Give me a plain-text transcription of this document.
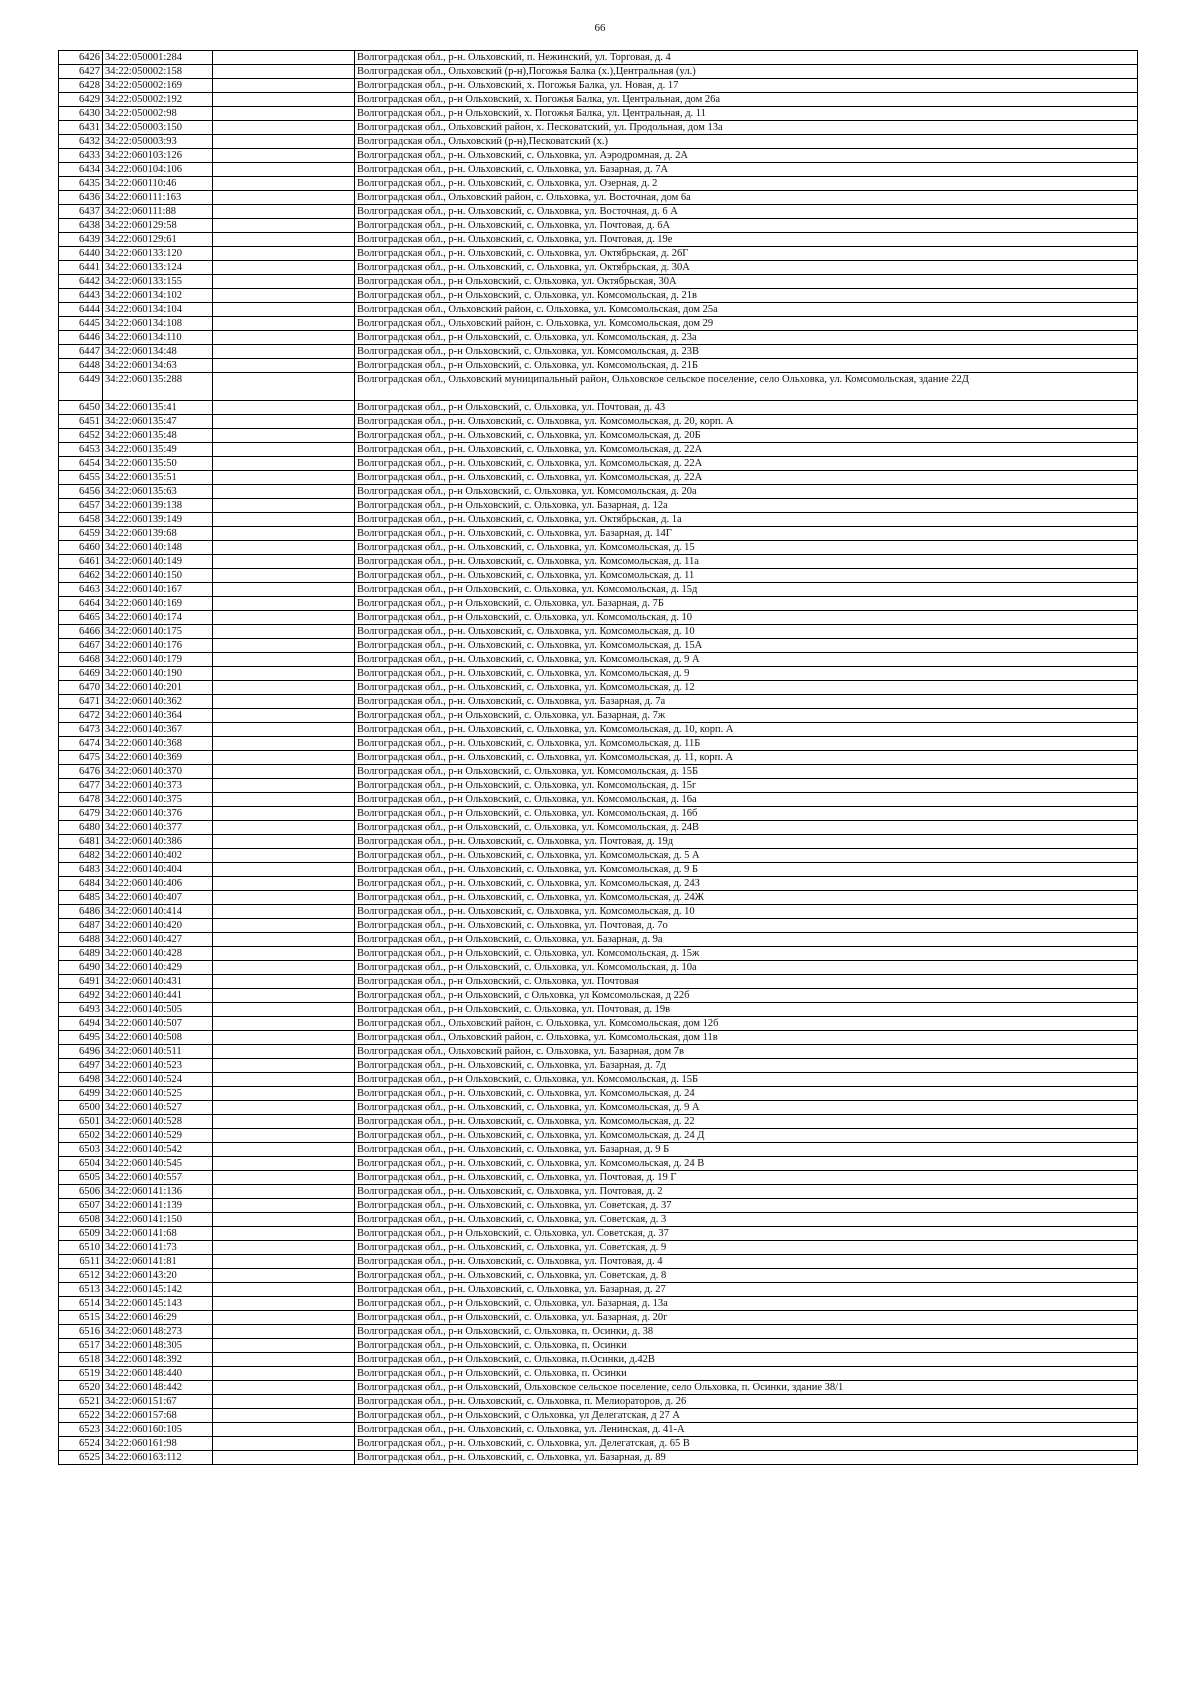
66
6426	34:22:050001:284		Волгоградская обл., р-н. Ольховский, п. Нежинский, ул. Торговая, д. 4
6427	34:22:050002:158		Волгоградская обл., Ольховский (р-н),Погожья Балка (х.),Центральная (ул.)
6428	34:22:050002:169		Волгоградская обл., р-н. Ольховский, х. Погожья Балка, ул. Новая, д. 17
6429	34:22:050002:192		Волгоградская обл., р-н Ольховский, х. Погожья Балка, ул. Центральная, дом 26а
6430	34:22:050002:98		Волгоградская обл., р-н Ольховский, х. Погожья Балка, ул. Центральная, д. 11
6431	34:22:050003:150		Волгоградская обл., Ольховский район, х. Песковатский, ул. Продольная, дом 13а
6432	34:22:050003:93		Волгоградская обл., Ольховский (р-н),Песковатский (х.)
6433	34:22:060103:126		Волгоградская обл., р-н. Ольховский, с. Ольховка, ул. Аэродромная, д. 2А
6434	34:22:060104:106		Волгоградская обл., р-н. Ольховский, с. Ольховка, ул. Базарная, д. 7А
6435	34:22:060110:46		Волгоградская обл., р-н. Ольховский, с. Ольховка, ул. Озерная, д. 2
6436	34:22:060111:163		Волгоградская обл., Ольховский район, с. Ольховка, ул. Восточная, дом 6а
6437	34:22:060111:88		Волгоградская обл., р-н. Ольховский, с. Ольховка, ул. Восточная, д. 6 А
6438	34:22:060129:58		Волгоградская обл., р-н. Ольховский, с. Ольховка, ул. Почтовая, д. 6А
6439	34:22:060129:61		Волгоградская обл., р-н. Ольховский, с. Ольховка, ул. Почтовая, д. 19е
6440	34:22:060133:120		Волгоградская обл., р-н. Ольховский, с. Ольховка, ул. Октябрьская, д. 26Г
6441	34:22:060133:124		Волгоградская обл., р-н. Ольховский, с. Ольховка, ул. Октябрьская, д. 30А
6442	34:22:060133:155		Волгоградская обл., р-н Ольховский, с. Ольховка, ул. Октябрьская, 30А
6443	34:22:060134:102		Волгоградская обл., р-н Ольховский, с. Ольховка, ул. Комсомольская, д. 21в
6444	34:22:060134:104		Волгоградская обл., Ольховский район, с. Ольховка, ул. Комсомольская, дом 25а
6445	34:22:060134:108		Волгоградская обл., Ольховский район, с. Ольховка, ул. Комсомольская, дом 29
6446	34:22:060134:110		Волгоградская обл., р-н Ольховский, с. Ольховка, ул. Комсомольская, д. 23а
6447	34:22:060134:48		Волгоградская обл., р-н Ольховский, с. Ольховка, ул. Комсомольская, д. 23В
6448	34:22:060134:63		Волгоградская обл., р-н Ольховский, с. Ольховка, ул. Комсомольская, д. 21Б
6449	34:22:060135:288		Волгоградская обл., Ольховский муниципальный район, Ольховское сельское поселение, село Ольховка, ул. Комсомольская, здание 22Д
6450	34:22:060135:41		Волгоградская обл., р-н Ольховский, с. Ольховка, ул. Почтовая, д. 43
6451	34:22:060135:47		Волгоградская обл., р-н. Ольховский, с. Ольховка, ул. Комсомольская, д. 20, корп. А
6452	34:22:060135:48		Волгоградская обл., р-н. Ольховский, с. Ольховка, ул. Комсомольская, д. 20Б
6453	34:22:060135:49		Волгоградская обл., р-н. Ольховский, с. Ольховка, ул. Комсомольская, д. 22А
6454	34:22:060135:50		Волгоградская обл., р-н. Ольховский, с. Ольховка, ул. Комсомольская, д. 22А
6455	34:22:060135:51		Волгоградская обл., р-н. Ольховский, с. Ольховка, ул. Комсомольская, д. 22А
6456	34:22:060135:63		Волгоградская обл., р-н Ольховский, с. Ольховка, ул. Комсомольская, д. 20а
6457	34:22:060139:138		Волгоградская обл., р-н Ольховский, с. Ольховка, ул. Базарная, д. 12а
6458	34:22:060139:149		Волгоградская обл., р-н. Ольховский, с. Ольховка, ул. Октябрьская, д. 1а
6459	34:22:060139:68		Волгоградская обл., р-н. Ольховский, с. Ольховка, ул. Базарная, д. 14Г
6460	34:22:060140:148		Волгоградская обл., р-н. Ольховский, с. Ольховка, ул. Комсомольская, д. 15
6461	34:22:060140:149		Волгоградская обл., р-н. Ольховский, с. Ольховка, ул. Комсомольская, д. 11а
6462	34:22:060140:150		Волгоградская обл., р-н. Ольховский, с. Ольховка, ул. Комсомольская, д. 11
6463	34:22:060140:167		Волгоградская обл., р-н Ольховский, с. Ольховка, ул. Комсомольская, д. 15д
6464	34:22:060140:169		Волгоградская обл., р-н Ольховский, с. Ольховка, ул. Базарная, д. 7Б
6465	34:22:060140:174		Волгоградская обл., р-н Ольховский, с. Ольховка, ул. Комсомольская, д. 10
6466	34:22:060140:175		Волгоградская обл., р-н. Ольховский, с. Ольховка, ул. Комсомольская, д. 10
6467	34:22:060140:176		Волгоградская обл., р-н. Ольховский, с. Ольховка, ул. Комсомольская, д. 15А
6468	34:22:060140:179		Волгоградская обл., р-н. Ольховский, с. Ольховка, ул. Комсомольская, д. 9 А
6469	34:22:060140:190		Волгоградская обл., р-н. Ольховский, с. Ольховка, ул. Комсомольская, д. 9
6470	34:22:060140:201		Волгоградская обл., р-н. Ольховский, с. Ольховка, ул. Комсомольская, д. 12
6471	34:22:060140:362		Волгоградская обл., р-н. Ольховский, с. Ольховка, ул. Базарная, д. 7а
6472	34:22:060140:364		Волгоградская обл., р-н Ольховский, с. Ольховка, ул. Базарная, д. 7ж
6473	34:22:060140:367		Волгоградская обл., р-н. Ольховский, с. Ольховка, ул. Комсомольская, д. 10, корп. А
6474	34:22:060140:368		Волгоградская обл., р-н. Ольховский, с. Ольховка, ул. Комсомольская, д. 11Б
6475	34:22:060140:369		Волгоградская обл., р-н. Ольховский, с. Ольховка, ул. Комсомольская, д. 11, корп. А
6476	34:22:060140:370		Волгоградская обл., р-н Ольховский, с. Ольховка, ул. Комсомольская, д. 15Б
6477	34:22:060140:373		Волгоградская обл., р-н Ольховский, с. Ольховка, ул. Комсомольская, д. 15г
6478	34:22:060140:375		Волгоградская обл., р-н Ольховский, с. Ольховка, ул. Комсомольская, д. 16а
6479	34:22:060140:376		Волгоградская обл., р-н Ольховский, с. Ольховка, ул. Комсомольская, д. 16б
6480	34:22:060140:377		Волгоградская обл., р-н Ольховский, с. Ольховка, ул. Комсомольская, д. 24В
6481	34:22:060140:386		Волгоградская обл., р-н. Ольховский, с. Ольховка, ул. Почтовая, д. 19д
6482	34:22:060140:402		Волгоградская обл., р-н. Ольховский, с. Ольховка, ул. Комсомольская, д. 5 А
6483	34:22:060140:404		Волгоградская обл., р-н. Ольховский, с. Ольховка, ул. Комсомольская, д. 9 Б
6484	34:22:060140:406		Волгоградская обл., р-н. Ольховский, с. Ольховка, ул. Комсомольская, д. 24З
6485	34:22:060140:407		Волгоградская обл., р-н. Ольховский, с. Ольховка, ул. Комсомольская, д. 24Ж
6486	34:22:060140:414		Волгоградская обл., р-н. Ольховский, с. Ольховка, ул. Комсомольская, д. 10
6487	34:22:060140:420		Волгоградская обл., р-н. Ольховский, с. Ольховка, ул. Почтовая, д. 7о
6488	34:22:060140:427		Волгоградская обл., р-н Ольховский, с. Ольховка, ул. Базарная, д. 9а
6489	34:22:060140:428		Волгоградская обл., р-н Ольховский, с. Ольховка, ул. Комсомольская, д. 15ж
6490	34:22:060140:429		Волгоградская обл., р-н Ольховский, с. Ольховка, ул. Комсомольская, д. 10а
6491	34:22:060140:431		Волгоградская обл., р-н Ольховский, с. Ольховка, ул. Почтовая
6492	34:22:060140:441		Волгоградская обл., р-н Ольховский, с Ольховка, ул Комсомольская, д 22б
6493	34:22:060140:505		Волгоградская обл., р-н Ольховский, с. Ольховка, ул. Почтовая, д. 19в
6494	34:22:060140:507		Волгоградская обл., Ольховский район, с. Ольховка, ул. Комсомольская, дом 12б
6495	34:22:060140:508		Волгоградская обл., Ольховский район, с. Ольховка, ул. Комсомольская, дом 11в
6496	34:22:060140:511		Волгоградская обл., Ольховский район, с. Ольховка, ул. Базарная, дом 7в
6497	34:22:060140:523		Волгоградская обл., р-н. Ольховский, с. Ольховка, ул. Базарная, д. 7д
6498	34:22:060140:524		Волгоградская обл., р-н Ольховский, с. Ольховка, ул. Комсомольская, д. 15Б
6499	34:22:060140:525		Волгоградская обл., р-н. Ольховский, с. Ольховка, ул. Комсомольская, д. 24
6500	34:22:060140:527		Волгоградская обл., р-н. Ольховский, с. Ольховка, ул. Комсомольская, д. 9 А
6501	34:22:060140:528		Волгоградская обл., р-н. Ольховский, с. Ольховка, ул. Комсомольская, д. 22
6502	34:22:060140:529		Волгоградская обл., р-н. Ольховский, с. Ольховка, ул. Комсомольская, д. 24 Д
6503	34:22:060140:542		Волгоградская обл., р-н. Ольховский, с. Ольховка, ул. Базарная, д. 9 Б
6504	34:22:060140:545		Волгоградская обл., р-н. Ольховский, с. Ольховка, ул. Комсомольская, д. 24 В
6505	34:22:060140:557		Волгоградская обл., р-н. Ольховский, с. Ольховка, ул. Почтовая, д. 19 Г
6506	34:22:060141:136		Волгоградская обл., р-н. Ольховский, с. Ольховка, ул. Почтовая, д. 2
6507	34:22:060141:139		Волгоградская обл., р-н. Ольховский, с. Ольховка, ул. Советская, д. 37
6508	34:22:060141:150		Волгоградская обл., р-н. Ольховский, с. Ольховка, ул. Советская, д. 3
6509	34:22:060141:68		Волгоградская обл., р-н Ольховский, с. Ольховка, ул. Советская, д. 37
6510	34:22:060141:73		Волгоградская обл., р-н. Ольховский, с. Ольховка, ул. Советская, д. 9
6511	34:22:060141:81		Волгоградская обл., р-н. Ольховский, с. Ольховка, ул. Почтовая, д. 4
6512	34:22:060143:20		Волгоградская обл., р-н. Ольховский, с. Ольховка, ул. Советская, д. 8
6513	34:22:060145:142		Волгоградская обл., р-н. Ольховский, с. Ольховка, ул. Базарная, д. 27
6514	34:22:060145:143		Волгоградская обл., р-н Ольховский, с. Ольховка, ул. Базарная, д. 13а
6515	34:22:060146:29		Волгоградская обл., р-н Ольховский, с. Ольховка, ул. Базарная, д. 20г
6516	34:22:060148:273		Волгоградская обл., р-н Ольховский, с. Ольховка, п. Осинки, д. 38
6517	34:22:060148:305		Волгоградская обл., р-н Ольховский, с. Ольховка, п. Осинки
6518	34:22:060148:392		Волгоградская обл., р-н Ольховский, с. Ольховка, п.Осинки, д.42В
6519	34:22:060148:440		Волгоградская обл., р-н Ольховский, с. Ольховка, п. Осинки
6520	34:22:060148:442		Волгоградская обл., р-н Ольховский, Ольховское сельское поселение, село Ольховка, п. Осинки, здание 38/1
6521	34:22:060151:67		Волгоградская обл., р-н. Ольховский, с. Ольховка, п. Мелиораторов, д. 26
6522	34:22:060157:68		Волгоградская обл., р-н Ольховский, с Ольховка, ул Делегатская, д 27 А
6523	34:22:060160:105		Волгоградская обл., р-н. Ольховский, с. Ольховка, ул. Ленинская, д. 41-А
6524	34:22:060161:98		Волгоградская обл., р-н. Ольховский, с. Ольховка, ул. Делегатская, д. 65 В
6525	34:22:060163:112		Волгоградская обл., р-н. Ольховский, с. Ольховка, ул. Базарная, д. 89
